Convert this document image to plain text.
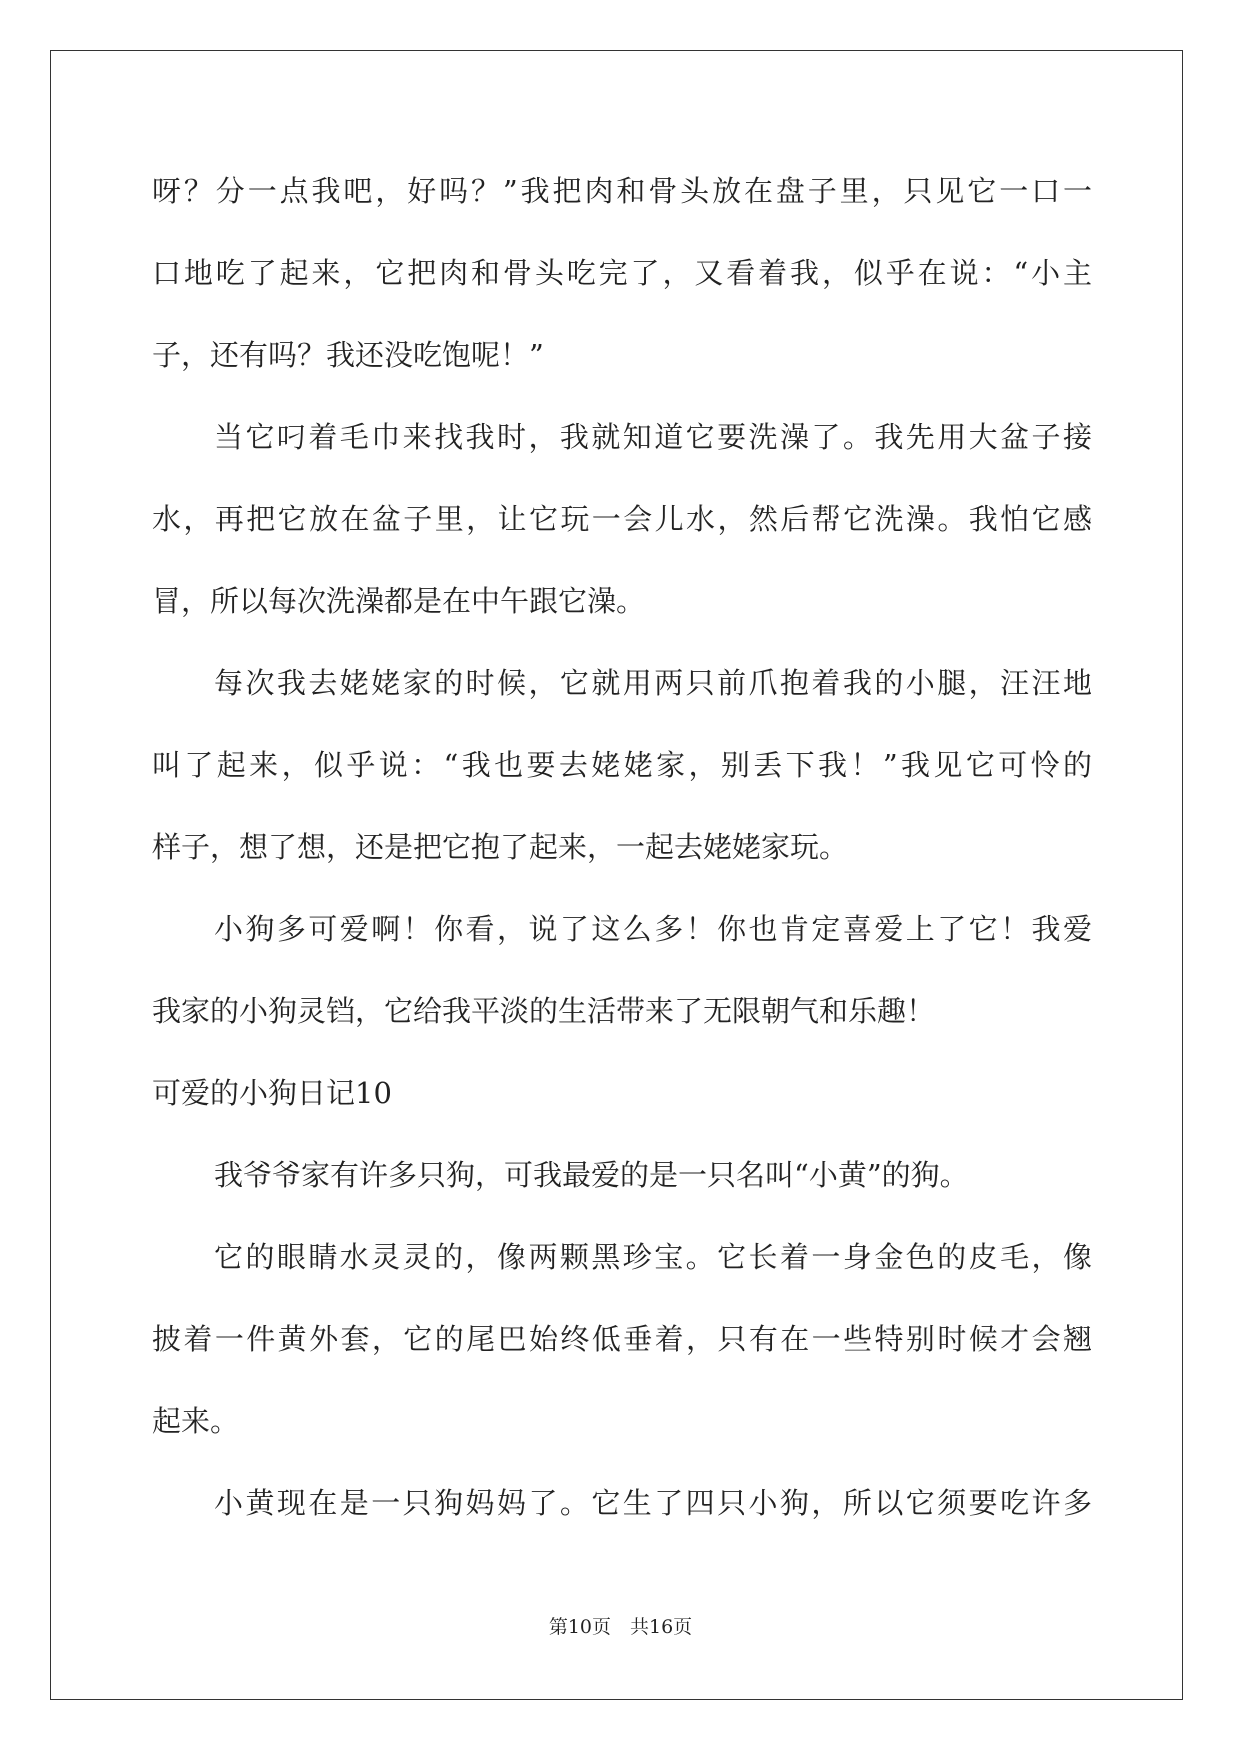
呀？分一点我吧，好吗？”我把肉和骨头放在盘子里，只见它一口一
口地吃了起来，它把肉和骨头吃完了，又看着我，似乎在说：“小主
子，还有吗？我还没吃饱呢！”
当它叼着毛巾来找我时，我就知道它要洗澡了。我先用大盆子接
水，再把它放在盆子里，让它玩一会儿水，然后帮它洗澡。我怕它感
冒，所以每次洗澡都是在中午跟它澡。
每次我去姥姥家的时候，它就用两只前爪抱着我的小腿，汪汪地
叫了起来，似乎说：“我也要去姥姥家，别丢下我！”我见它可怜的
样子，想了想，还是把它抱了起来，一起去姥姥家玩。
小狗多可爱啊！你看，说了这么多！你也肯定喜爱上了它！我爱
我家的小狗灵铛，它给我平淡的生活带来了无限朝气和乐趣！
可爱的小狗日记10
我爷爷家有许多只狗，可我最爱的是一只名叫“小黄”的狗。
它的眼睛水灵灵的，像两颗黑珍宝。它长着一身金色的皮毛，像
披着一件黄外套，它的尾巴始终低垂着，只有在一些特别时候才会翘
起来。
小黄现在是一只狗妈妈了。它生了四只小狗，所以它须要吃许多
第10页　共16页
